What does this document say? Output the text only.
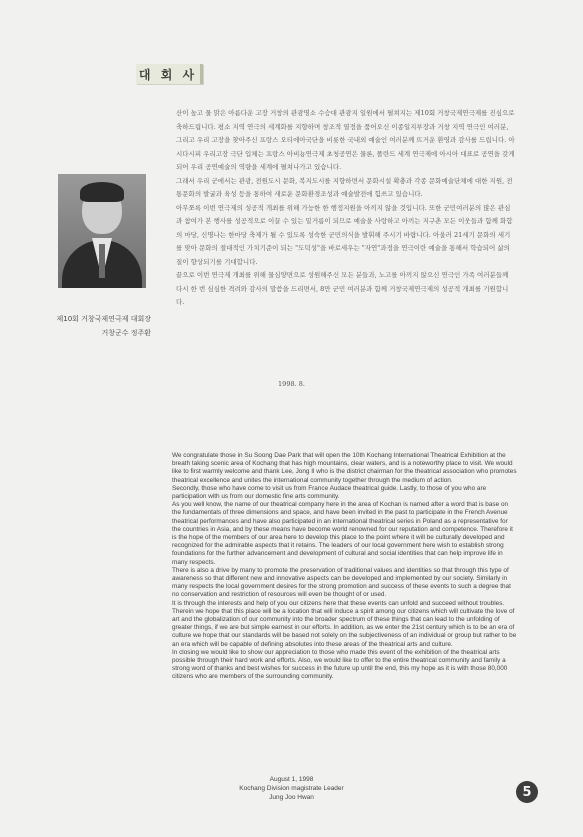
대 회 사
제10회 거창국제연극제 대회장
거창군수 정주환

산이 높고 물 맑은 아름다운 고장 거창의 관광명소 수승대 관광지 일원에서 펼쳐지는 제10회 거창국제연극제를 진심으로 축하드립니다. 평소 지역 연극의 세계화를 지향하며 창조적 열정을 품어오신 이종일지부장과 거창 지역 연극인 여러분, 그리고 우리 고장을 찾아주신 프랑스 오티에아국단을 비롯한 국내외 예술인 여러분께 뜨거운 환영과 감사를 드립니다. 아시다시피 우리고장 극단 입체는 프랑스 아비뇽연극제 초청공연은 물론, 폴란드 세계 연극제에 아시아 대표로 공연을 갖게되어 우리 공연예술의 역량을 세계에 펼쳐나가고 있습니다.

그래서 우리 군에서는 관광, 전원도시 문화, 복지도시를 지향하면서 문화시설 확충과 각종 문화예술단체에 대한 지원, 전통문화의 발굴과 육성 등을 통하여 새로운 문화환경조성과 예술발전에 힘쓰고 있습니다.

아무쪼록 이번 연극제의 성공적 개최를 위해 가능한 한 행정지원을 아끼지 않을 것입니다. 또한 군민여러분의 많은 관심과 참여가 본 행사를 성공적으로 이끌 수 있는 밑거름이 되므로 예술을 사랑하고 아끼는 지구촌 모든 이웃들과 함께 화합의 마당, 신명나는 한마당 축제가 될 수 있도록 성숙한 군민의식을 발휘해 주시기 바랍니다. 아울러 21세기 문화의 세기를 맞아 문화의 절대적인 가치기준이 되는 "도덕성"을 바로세우는 "자연"과정을 연극이란 예술을 통해서 학습되어 삶의 질이 향상되기를 기대합니다.

끝으로 이번 연극제 개최를 위해 물심양면으로 성원해주신 모든 분들과, 노고를 아끼지 않으신 연극인 가족 여러분들께 다시 한 번 심심한 격려와 감사의 말씀을 드리면서, 8만 군민 여러분과 함께 거창국제연극제의 성공적 개최를 기원합니다.

1998. 8.

We congratulate those in Su Soong Dae Park that will open the 10th Kochang International Theatrical Exhibition at the breath taking scenic area of Kochang that has high mountains, clear waters, and is a noteworthy place to visit. We would like to first warmly welcome and thank Lee, Jong Il who is the district chairman for the theatrical association who promotes theatrical excellence and unites the international community together through the medium of action.

Secondly, those who have come to visit us from France Audace theatrical guide. Lastly, to those of you who are participation with us from our domestic fine arts community.

As you well know, the name of our theatrical company here in the area of Kochan is named after a word that is base on the fundamentals of three dimensions and space, and have been invited in the past to participate in the French Avenue theatrical performances and have also participated in an international theatrical series in Poland as a representative for the countries in Asia, and by these means have become world renowned for our reputation and competence. Therefore it is the hope of the members of our area here to develop this place to the point where it will be culturally developed and recognized for the admirable aspects that it retains. The leaders of our local government here wish to establish strong foundations for the further advancement and development of cultural and social identities that can help improve life in many respects.

There is also a drive by many to promote the preservation of traditional values and identities so that through this type of awareness so that different new and innovative aspects can be developed and implemented by our society. Similarly in many respects the local government desires for the strong promotion and success of these events to such a degree that no conservation and restriction of resources will even be thought of or used.

It is through the interests and help of you our citizens here that these events can unfold and succeed without troubles. Therein we hope that this place will be a location that will induce a spirit among our citizens which will cultivate the love of art and the globalization of our community into the broader spectrum of these things that can lead to the unfolding of greater things, if we are but simple earnest in our efforts. In addition, as we enter the 21st century which is to be an era of culture we hope that our standards will be based not solely on the subjectiveness of an individual or group but rather to be an era which will be capable of defining absolutes into these areas of the theatrical arts and culture.

In closing we would like to show our appreciation to those who made this event of the exhibition of the theatrical arts possible through their hard work and efforts. Also, we would like to offer to the entire theatrical community and family a strong word of thanks and best wishes for success in the future up until the end, this my hope as it is with those 80,000 citizens who are members of the surrounding community.

August 1, 1998
Kochang Division magistrate Leader
Jung Joo Hwan	5
